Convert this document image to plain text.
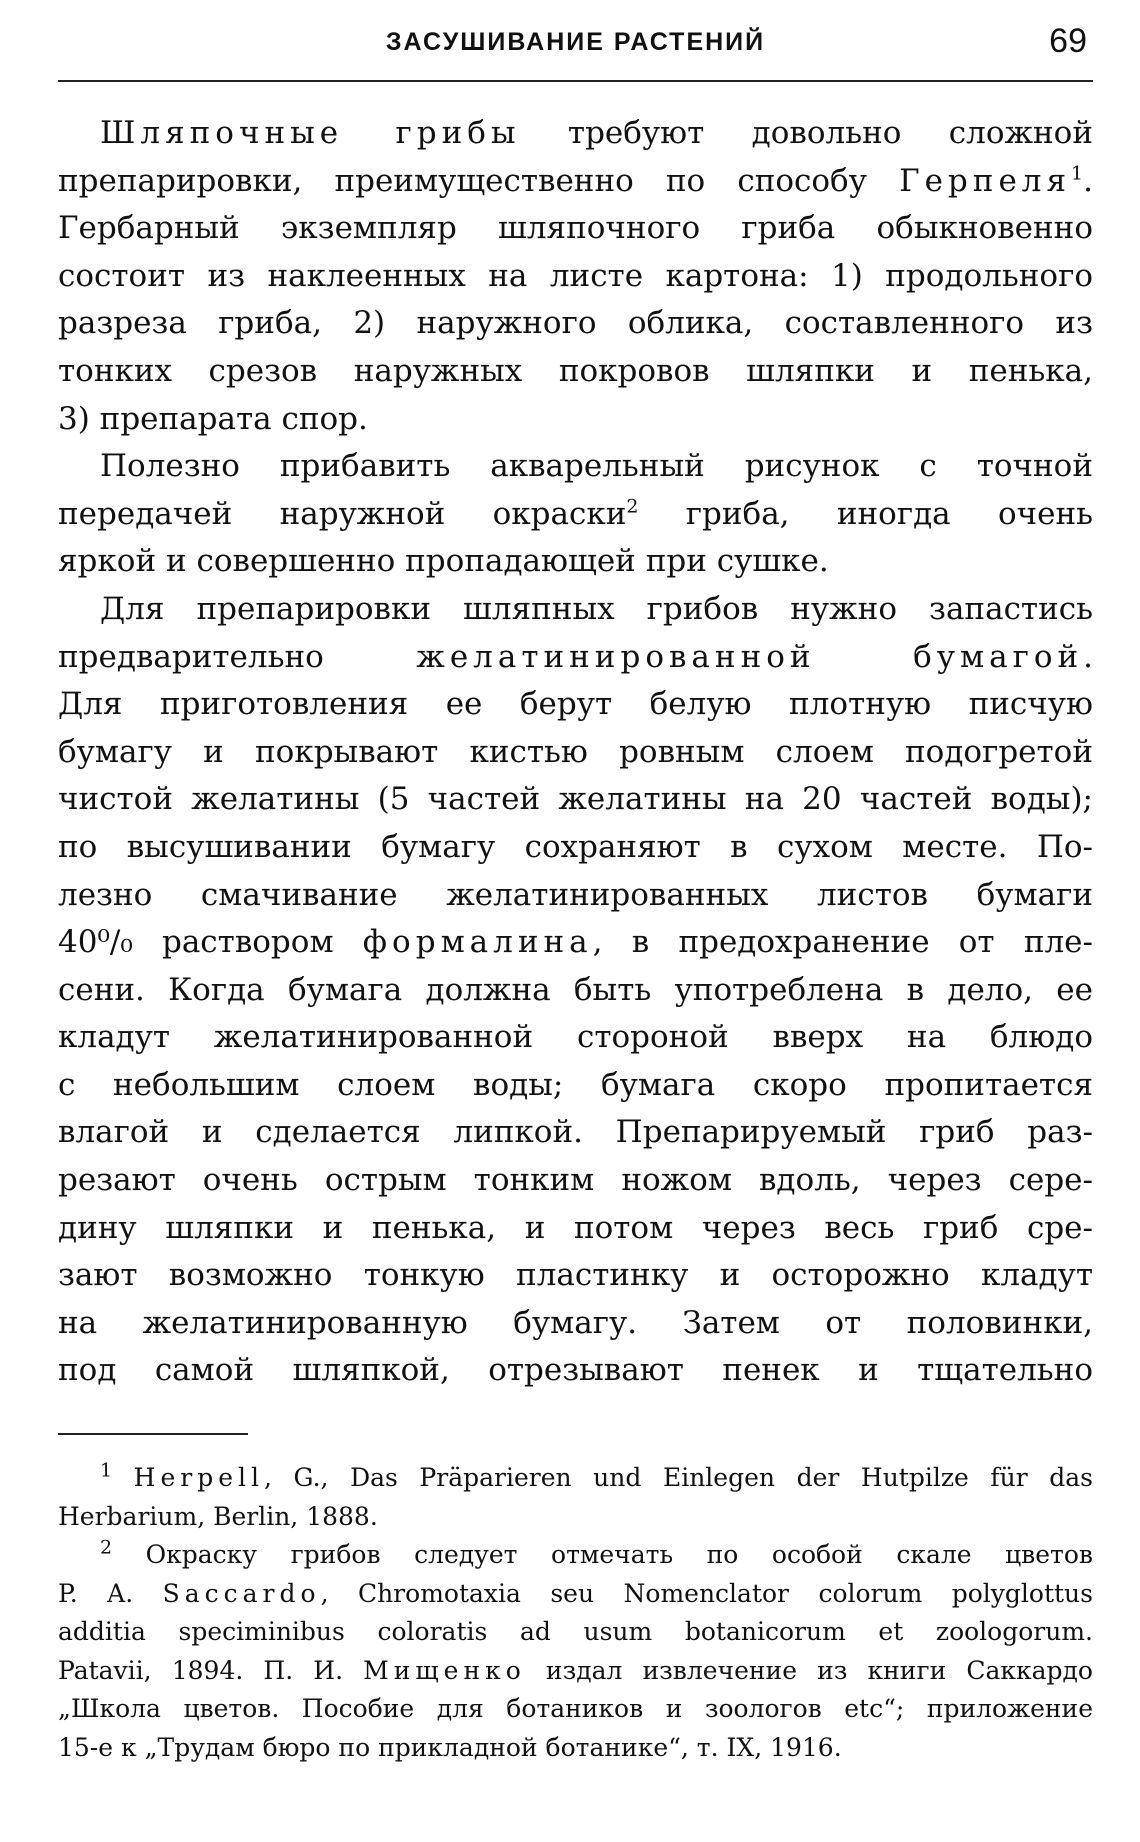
ЗАСУШИВАНИЕ РАСТЕНИЙ	69
Шляпочные грибы требуют довольно сложной
препарировки, преимущественно по способу Герпеля$^1$.
Гербарный экземпляр шляпочного гриба обыкновенно
состоит из наклеенных на листе картона: 1) продольного
разреза гриба, 2) наружного облика, составленного из
тонких срезов наружных покровов шляпки и пенька,
3) препарата спор.
Полезно прибавить акварельный рисунок с точной
передачей наружной окраски$^2$ гриба, иногда очень
яркой и совершенно пропадающей при сушке.
Для препарировки шляпных грибов нужно запастись
предварительно желатинированной бумагой.
Для приготовления ее берут белую плотную писчую
бумагу и покрывают кистью ровным слоем подогретой
чистой желатины (5 частей желатины на 20 частей воды);
по высушивании бумагу сохраняют в сухом месте. По-
лезно смачивание желатинированных листов бумаги
40⁰/₀ раствором формалина, в предохранение от пле-
сени. Когда бумага должна быть употреблена в дело, ее
кладут желатинированной стороной вверх на блюдо
с небольшим слоем воды; бумага скоро пропитается
влагой и сделается липкой. Препарируемый гриб раз-
резают очень острым тонким ножом вдоль, через сере-
дину шляпки и пенька, и потом через весь гриб сре-
зают возможно тонкую пластинку и осторожно кладут
на желатинированную бумагу. Затем от половинки,
под самой шляпкой, отрезывают пенек и тщательно
$^1$ Herpell, G., Das Präparieren und Einlegen der Hutpilze für das
Herbarium, Berlin, 1888.
$^2$ Окраску грибов следует отмечать по особой скале цветов
P. A. Saccardo, Chromotaxia seu Nomenclator colorum polyglottus
additia speciminibus coloratis ad usum botanicorum et zoologorum.
Patavii, 1894. П. И. Мищенко издал извлечение из книги Саккардо
„Школа цветов. Пособие для ботаников и зоологов etc“; приложение
15-е к „Трудам бюро по прикладной ботанике“, т. IX, 1916.
